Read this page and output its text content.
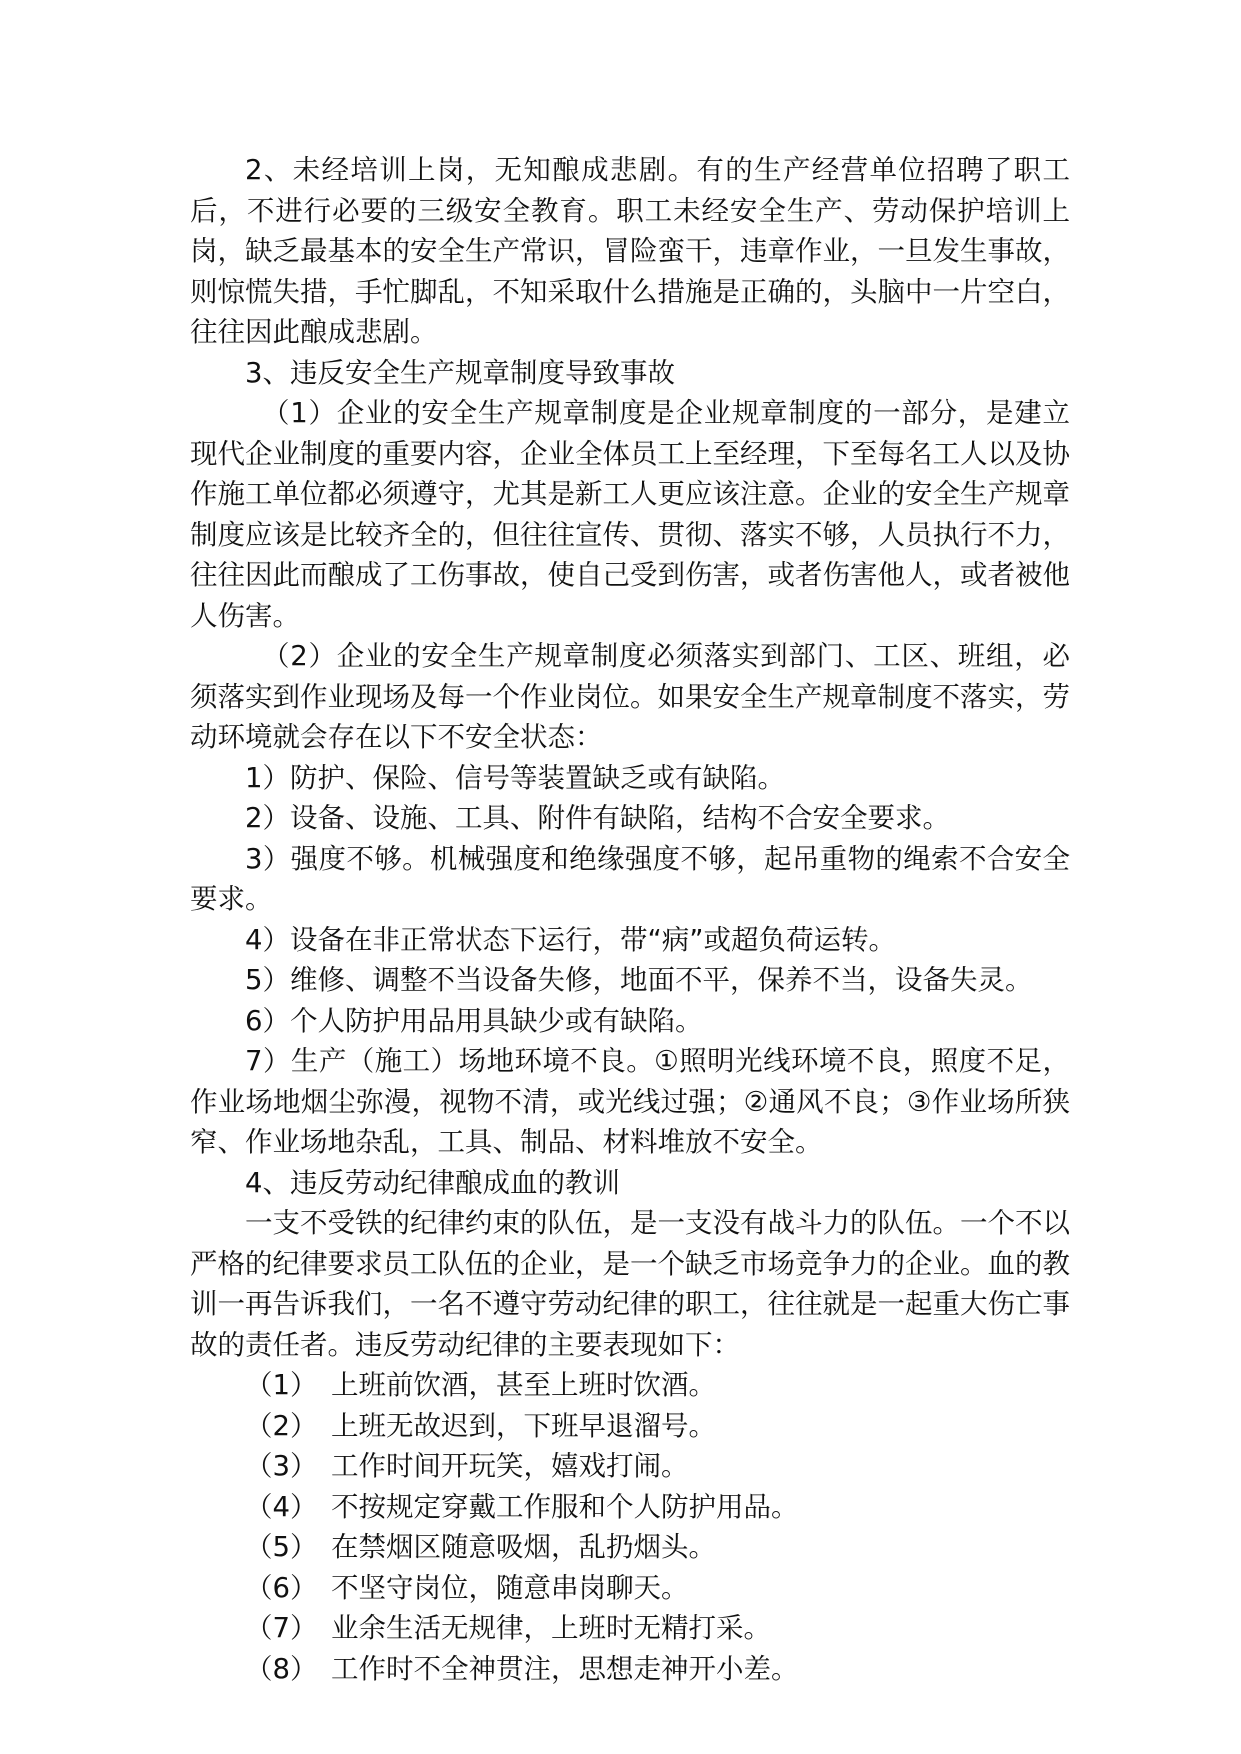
2、未经培训上岗，无知酿成悲剧。有的生产经营单位招聘了职工后，不进行必要的三级安全教育。职工未经安全生产、劳动保护培训上岗，缺乏最基本的安全生产常识，冒险蛮干，违章作业，一旦发生事故，则惊慌失措，手忙脚乱，不知采取什么措施是正确的，头脑中一片空白，往往因此酿成悲剧。

3、违反安全生产规章制度导致事故

（1）企业的安全生产规章制度是企业规章制度的一部分，是建立现代企业制度的重要内容，企业全体员工上至经理，下至每名工人以及协作施工单位都必须遵守，尤其是新工人更应该注意。企业的安全生产规章制度应该是比较齐全的，但往往宣传、贯彻、落实不够，人员执行不力，往往因此而酿成了工伤事故，使自己受到伤害，或者伤害他人，或者被他人伤害。

（2）企业的安全生产规章制度必须落实到部门、工区、班组，必须落实到作业现场及每一个作业岗位。如果安全生产规章制度不落实，劳动环境就会存在以下不安全状态：

1）防护、保险、信号等装置缺乏或有缺陷。

2）设备、设施、工具、附件有缺陷，结构不合安全要求。

3）强度不够。机械强度和绝缘强度不够，起吊重物的绳索不合安全要求。

4）设备在非正常状态下运行，带“病”或超负荷运转。

5）维修、调整不当设备失修，地面不平，保养不当，设备失灵。

6）个人防护用品用具缺少或有缺陷。

7）生产（施工）场地环境不良。①照明光线环境不良，照度不足，作业场地烟尘弥漫，视物不清，或光线过强；②通风不良；③作业场所狭窄、作业场地杂乱，工具、制品、材料堆放不安全。

4、违反劳动纪律酿成血的教训

一支不受铁的纪律约束的队伍，是一支没有战斗力的队伍。一个不以严格的纪律要求员工队伍的企业，是一个缺乏市场竞争力的企业。血的教训一再告诉我们，一名不遵守劳动纪律的职工，往往就是一起重大伤亡事故的责任者。违反劳动纪律的主要表现如下：

（1） 上班前饮酒，甚至上班时饮酒。
（2） 上班无故迟到，下班早退溜号。
（3） 工作时间开玩笑，嬉戏打闹。
（4） 不按规定穿戴工作服和个人防护用品。
（5） 在禁烟区随意吸烟，乱扔烟头。
（6） 不坚守岗位，随意串岗聊天。
（7） 业余生活无规律，上班时无精打采。
（8） 工作时不全神贯注，思想走神开小差。
